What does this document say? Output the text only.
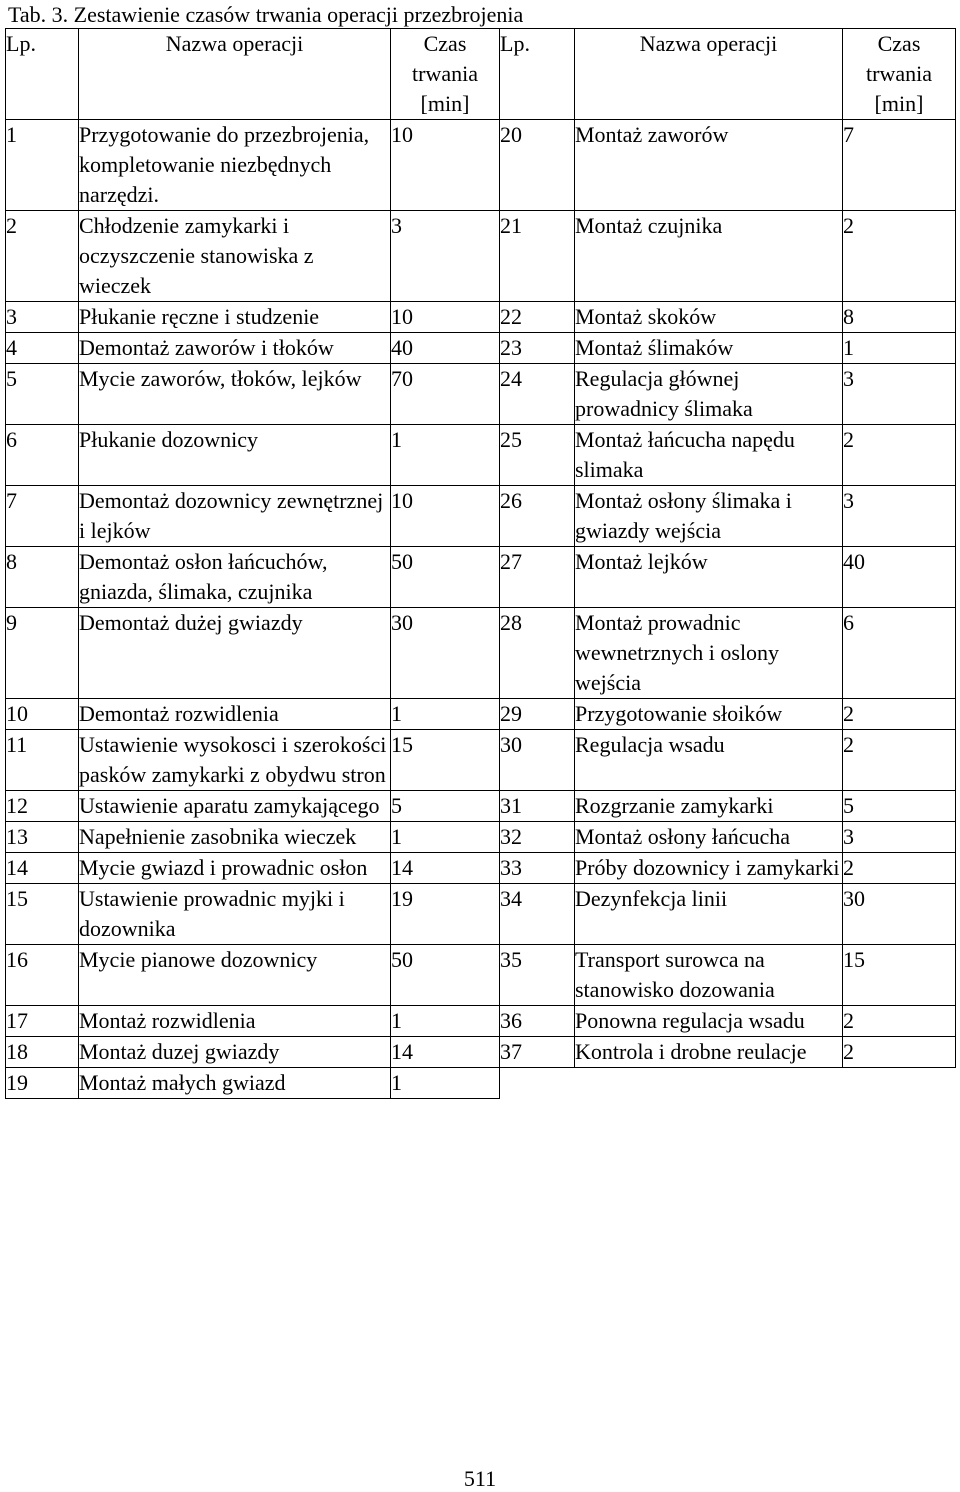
Tab. 3. Zestawienie czasów trwania operacji przezbrojenia
Lp.	Nazwa operacji	Czas trwania [min]	Lp.	Nazwa operacji	Czas trwania [min]
1	Przygotowanie do przezbrojenia, kompletowanie niezbędnych narzędzi.	10	20	Montaż zaworów	7
2	Chłodzenie zamykarki i oczyszczenie stanowiska z wieczek	3	21	Montaż czujnika	2
3	Płukanie ręczne i studzenie	10	22	Montaż skoków	8
4	Demontaż zaworów i tłoków	40	23	Montaż ślimaków	1
5	Mycie zaworów, tłoków, lejków	70	24	Regulacja głównej prowadnicy ślimaka	3
6	Płukanie dozownicy	1	25	Montaż łańcucha napędu slimaka	2
7	Demontaż dozownicy zewnętrznej i lejków	10	26	Montaż osłony ślimaka i gwiazdy wejścia	3
8	Demontaż osłon łańcuchów, gniazda, ślimaka, czujnika	50	27	Montaż lejków	40
9	Demontaż dużej gwiazdy	30	28	Montaż prowadnic wewnetrznych i oslony wejścia	6
10	Demontaż rozwidlenia	1	29	Przygotowanie słoików	2
11	Ustawienie wysokosci i szerokości pasków zamykarki z obydwu stron	15	30	Regulacja wsadu	2
12	Ustawienie aparatu zamykającego	5	31	Rozgrzanie zamykarki	5
13	Napełnienie zasobnika wieczek	1	32	Montaż osłony łańcucha	3
14	Mycie gwiazd i prowadnic osłon	14	33	Próby dozownicy i zamykarki	2
15	Ustawienie prowadnic myjki i dozownika	19	34	Dezynfekcja linii	30
16	Mycie pianowe dozownicy	50	35	Transport surowca na stanowisko dozowania	15
17	Montaż rozwidlenia	1	36	Ponowna regulacja wsadu	2
18	Montaż duzej gwiazdy	14	37	Kontrola i drobne reulacje	2
19	Montaż małych gwiazd	1			
511
